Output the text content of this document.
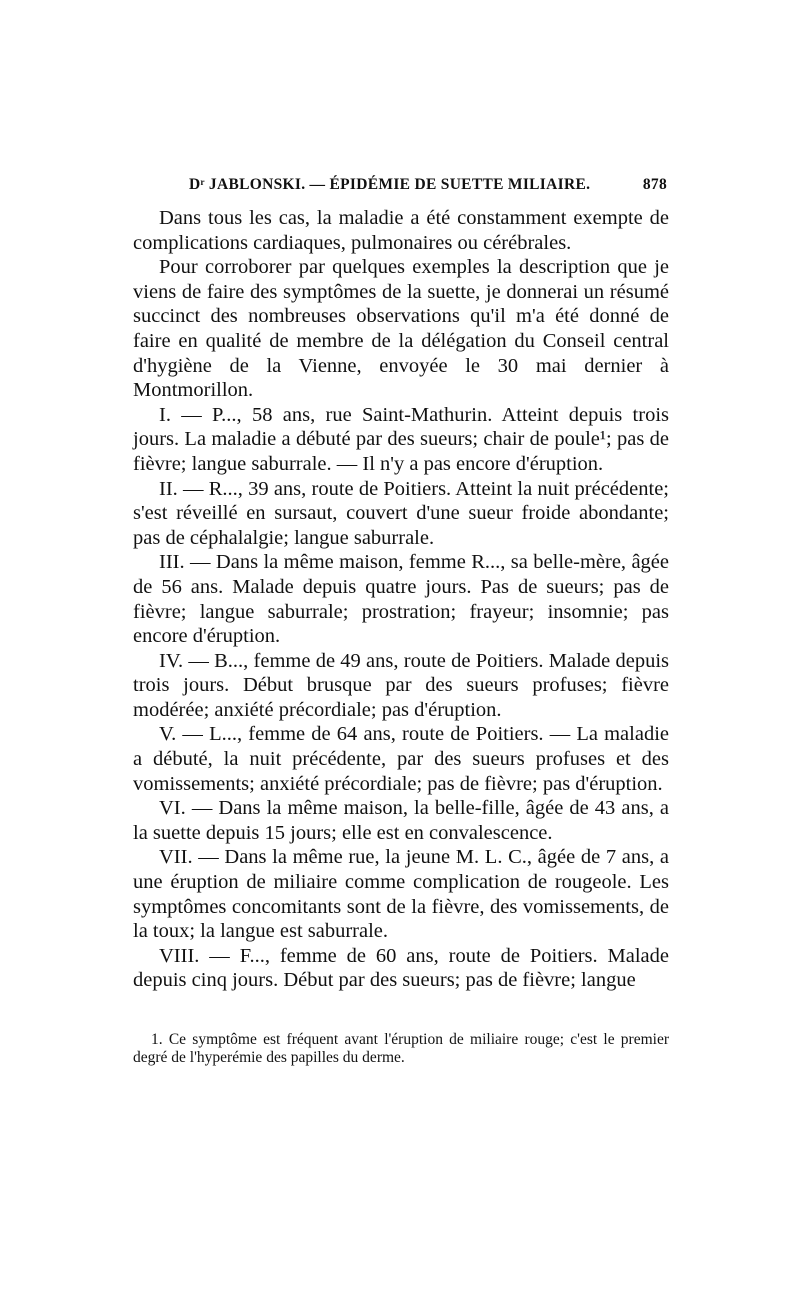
Dʳ JABLONSKI. — ÉPIDÉMIE DE SUETTE MILIAIRE.	878

Dans tous les cas, la maladie a été constamment exempte de complications cardiaques, pulmonaires ou cérébrales.

Pour corroborer par quelques exemples la description que je viens de faire des symptômes de la suette, je donnerai un résumé succinct des nombreuses observations qu'il m'a été donné de faire en qualité de membre de la délégation du Conseil central d'hygiène de la Vienne, envoyée le 30 mai dernier à Montmorillon.

I. — P..., 58 ans, rue Saint-Mathurin. Atteint depuis trois jours. La maladie a débuté par des sueurs; chair de poule¹; pas de fièvre; langue saburrale. — Il n'y a pas encore d'éruption.

II. — R..., 39 ans, route de Poitiers. Atteint la nuit précédente; s'est réveillé en sursaut, couvert d'une sueur froide abondante; pas de céphalalgie; langue saburrale.

III. — Dans la même maison, femme R..., sa belle-mère, âgée de 56 ans. Malade depuis quatre jours. Pas de sueurs; pas de fièvre; langue saburrale; prostration; frayeur; insomnie; pas encore d'éruption.

IV. — B..., femme de 49 ans, route de Poitiers. Malade depuis trois jours. Début brusque par des sueurs profuses; fièvre modérée; anxiété précordiale; pas d'éruption.

V. — L..., femme de 64 ans, route de Poitiers. — La maladie a débuté, la nuit précédente, par des sueurs profuses et des vomissements; anxiété précordiale; pas de fièvre; pas d'éruption.

VI. — Dans la même maison, la belle-fille, âgée de 43 ans, a la suette depuis 15 jours; elle est en convalescence.

VII. — Dans la même rue, la jeune M. L. C., âgée de 7 ans, a une éruption de miliaire comme complication de rougeole. Les symptômes concomitants sont de la fièvre, des vomissements, de la toux; la langue est saburrale.

VIII. — F..., femme de 60 ans, route de Poitiers. Malade depuis cinq jours. Début par des sueurs; pas de fièvre; langue

1. Ce symptôme est fréquent avant l'éruption de miliaire rouge; c'est le premier degré de l'hyperémie des papilles du derme.
